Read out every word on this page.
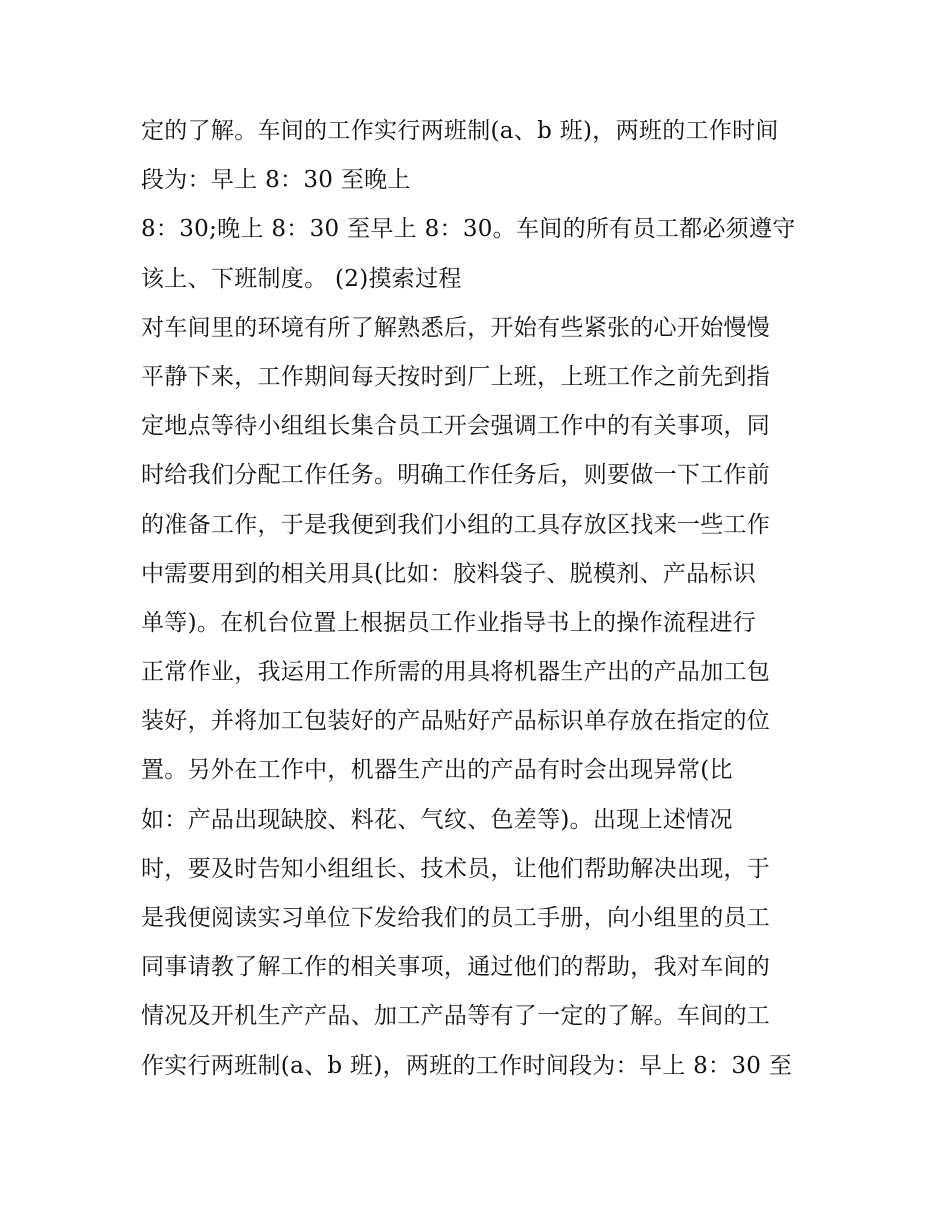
定的了解。车间的工作实行两班制(a、b 班)，两班的工作时间
段为：早上 8：30 至晚上
8：30;晚上 8：30 至早上 8：30。车间的所有员工都必须遵守
该上、下班制度。 (2)摸索过程
对车间里的环境有所了解熟悉后，开始有些紧张的心开始慢慢
平静下来，工作期间每天按时到厂上班，上班工作之前先到指
定地点等待小组组长集合员工开会强调工作中的有关事项，同
时给我们分配工作任务。明确工作任务后，则要做一下工作前
的准备工作，于是我便到我们小组的工具存放区找来一些工作
中需要用到的相关用具(比如：胶料袋子、脱模剂、产品标识
单等)。在机台位置上根据员工作业指导书上的操作流程进行
正常作业，我运用工作所需的用具将机器生产出的产品加工包
装好，并将加工包装好的产品贴好产品标识单存放在指定的位
置。另外在工作中，机器生产出的产品有时会出现异常(比
如：产品出现缺胶、料花、气纹、色差等)。出现上述情况
时，要及时告知小组组长、技术员，让他们帮助解决出现，于
是我便阅读实习单位下发给我们的员工手册，向小组里的员工
同事请教了解工作的相关事项，通过他们的帮助，我对车间的
情况及开机生产产品、加工产品等有了一定的了解。车间的工
作实行两班制(a、b 班)，两班的工作时间段为：早上 8：30 至
